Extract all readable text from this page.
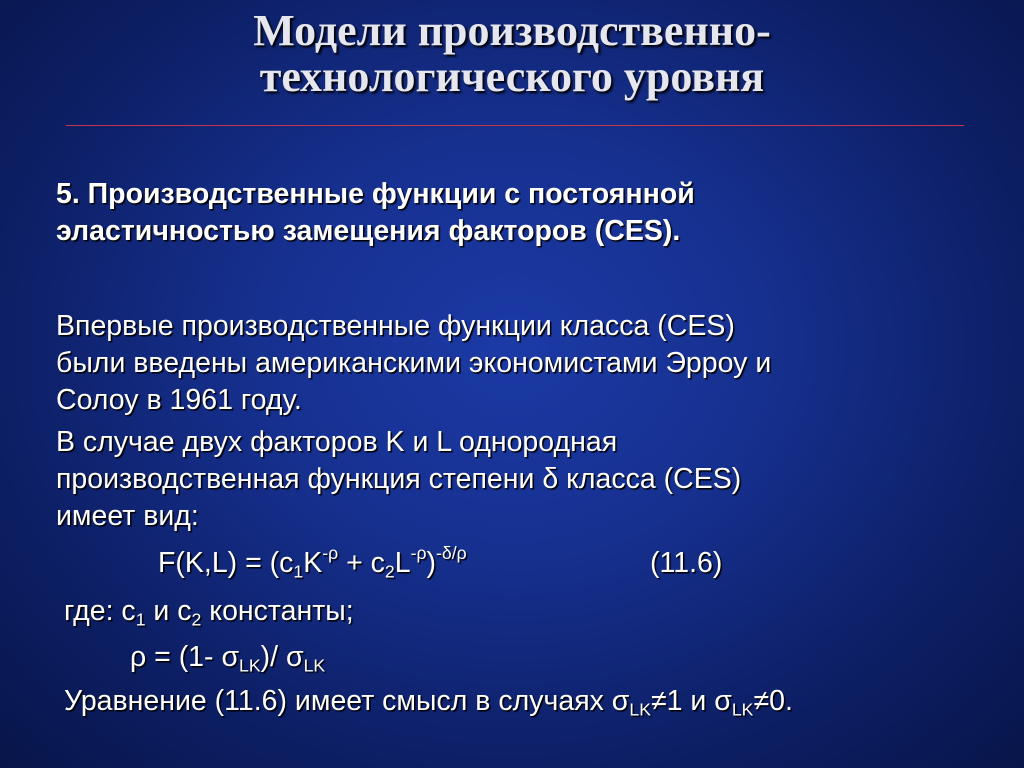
Модели производственно-
технологического уровня
5. Производственные функции с постоянной
эластичностью замещения факторов (CES).
Впервые производственные функции класса (CES)
были введены американскими экономистами Эрроу и
Солоу в 1961 году.
В случае двух факторов K и L однородная
производственная функция степени δ класса (CES)
имеет вид:
$F(K,L) = (c_1K^{-\rho} + c_2L^{-\rho})^{-\delta/\rho}$	(11.6)
где: $c_1$ и $c_2$ константы;
ρ = (1- $\sigma_{LK})/$ $\sigma_{LK}$
Уравнение (11.6) имеет смысл в случаях $\sigma_{LK}\ne 1$ и $\sigma_{LK}\ne 0$.
